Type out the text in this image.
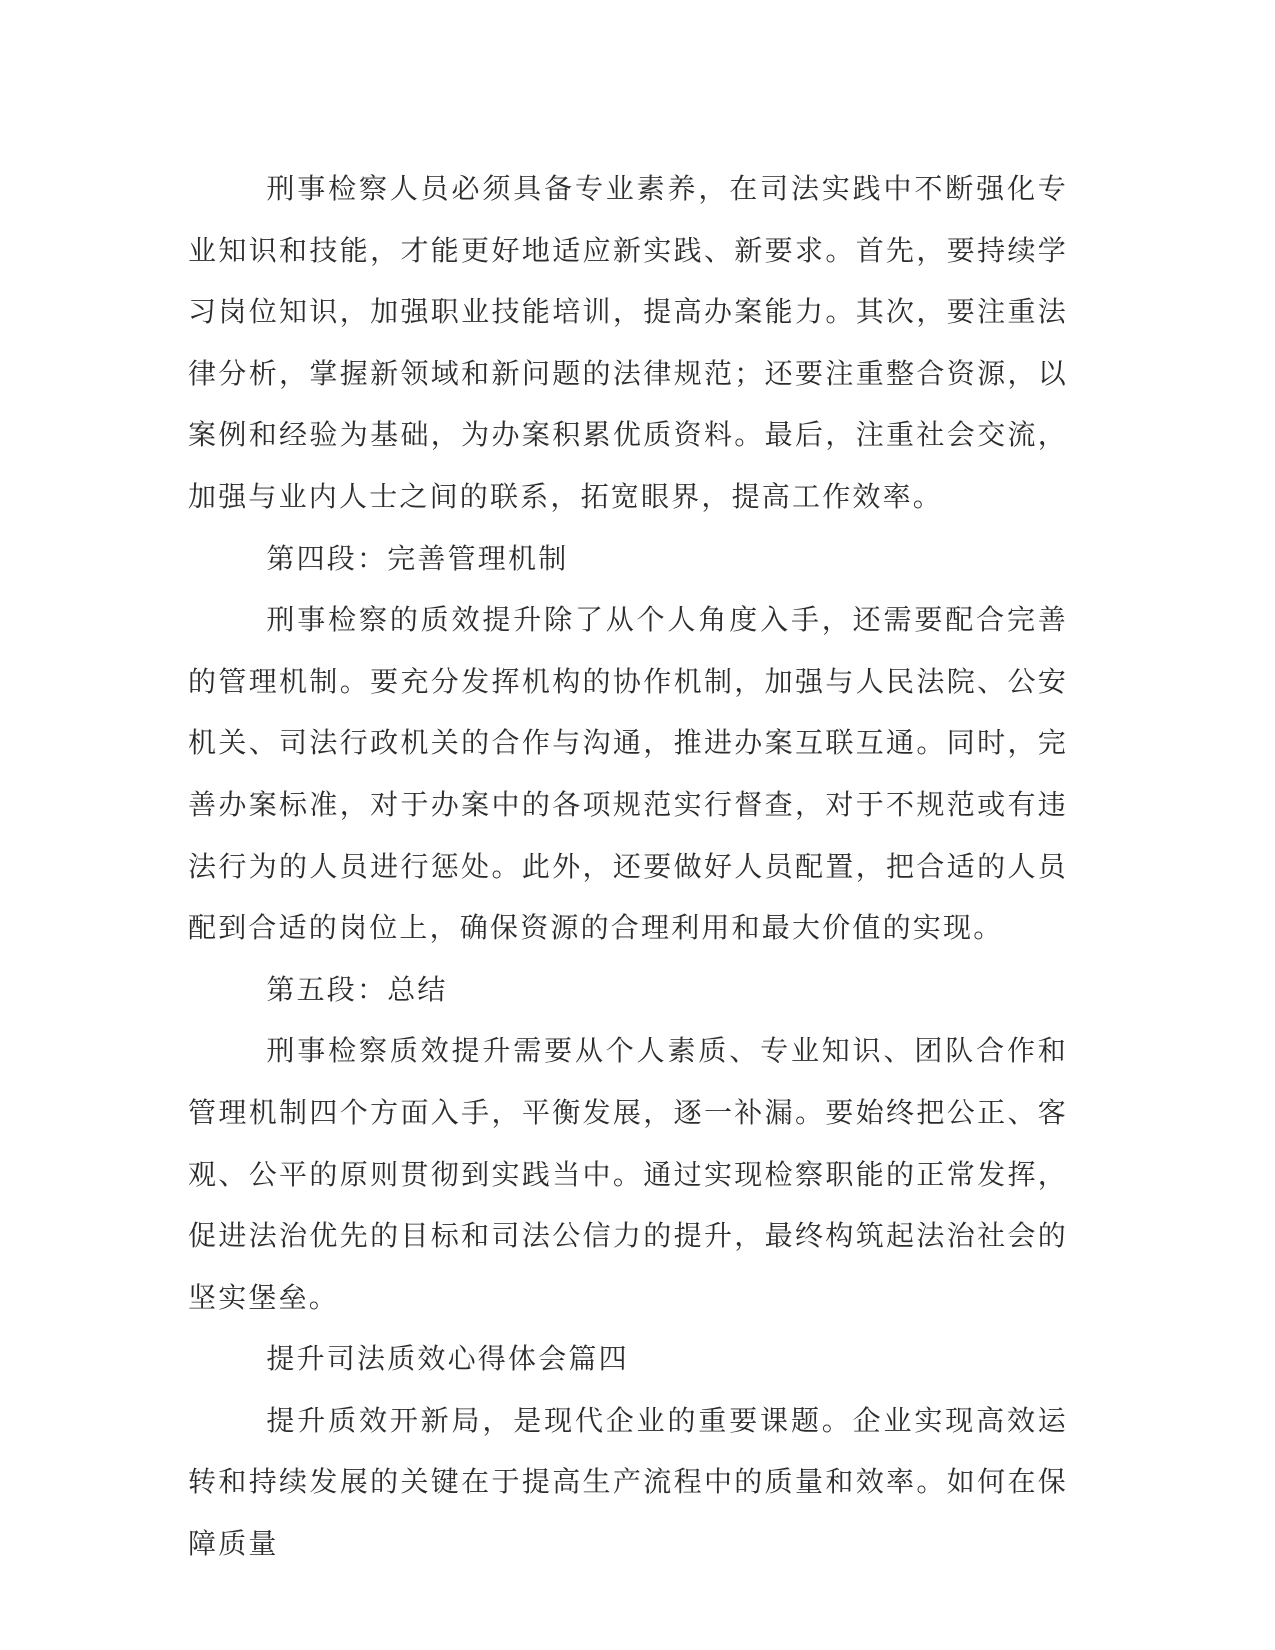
刑事检察人员必须具备专业素养，在司法实践中不断强化专业知识和技能，才能更好地适应新实践、新要求。首先，要持续学习岗位知识，加强职业技能培训，提高办案能力。其次，要注重法律分析，掌握新领域和新问题的法律规范；还要注重整合资源，以案例和经验为基础，为办案积累优质资料。最后，注重社会交流，加强与业内人士之间的联系，拓宽眼界，提高工作效率。

第四段：完善管理机制

刑事检察的质效提升除了从个人角度入手，还需要配合完善的管理机制。要充分发挥机构的协作机制，加强与人民法院、公安机关、司法行政机关的合作与沟通，推进办案互联互通。同时，完善办案标准，对于办案中的各项规范实行督查，对于不规范或有违法行为的人员进行惩处。此外，还要做好人员配置，把合适的人员配到合适的岗位上，确保资源的合理利用和最大价值的实现。

第五段：总结

刑事检察质效提升需要从个人素质、专业知识、团队合作和管理机制四个方面入手，平衡发展，逐一补漏。要始终把公正、客观、公平的原则贯彻到实践当中。通过实现检察职能的正常发挥，促进法治优先的目标和司法公信力的提升，最终构筑起法治社会的坚实堡垒。

提升司法质效心得体会篇四

提升质效开新局，是现代企业的重要课题。企业实现高效运转和持续发展的关键在于提高生产流程中的质量和效率。如何在保障质量
